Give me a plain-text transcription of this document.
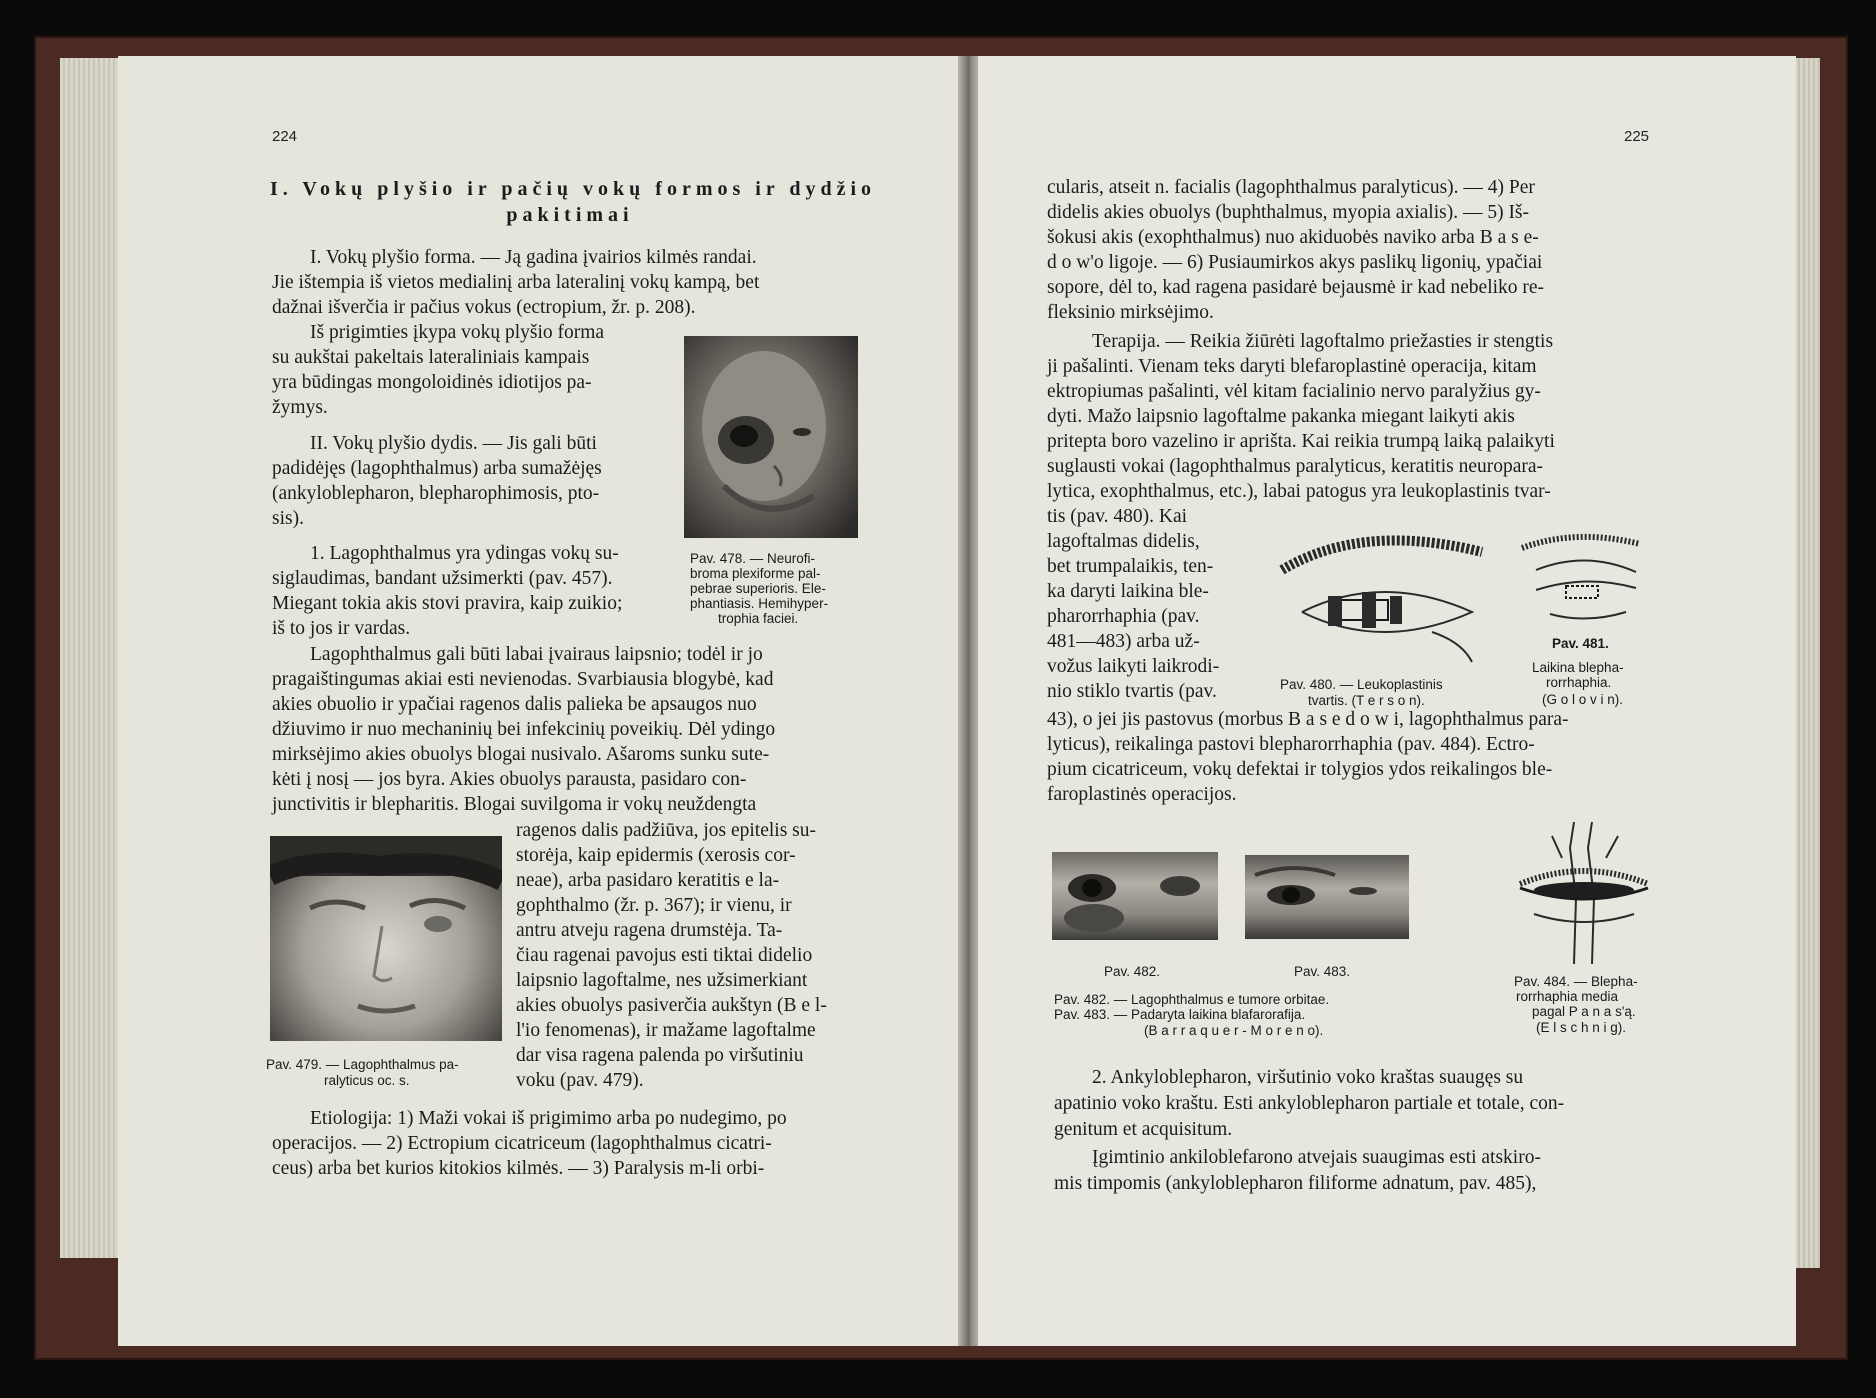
224
I. Vokų plyšio ir pačių vokų formos ir dydžio
pakitimai
I. Vokų plyšio forma. — Ją gadina įvairios kilmės randai.
Jie ištempia iš vietos medialinį arba lateralinį vokų kampą, bet
dažnai išverčia ir pačius vokus (ectropium, žr. p. 208).
Iš prigimties įkypa vokų plyšio forma
su aukštai pakeltais lateraliniais kampais
yra būdingas mongoloidinės idiotijos pa-
žymys.
II. Vokų plyšio dydis. — Jis gali būti
padidėjęs (lagophthalmus) arba sumažėjęs
(ankyloblepharon, blepharophimosis, pto-
sis).
1. Lagophthalmus yra ydingas vokų su-
siglaudimas, bandant užsimerkti (pav. 457).
Miegant tokia akis stovi pravira, kaip zuikio;
iš to jos ir vardas.
Lagophthalmus gali būti labai įvairaus laipsnio; todėl ir jo
pragaištingumas akiai esti nevienodas. Svarbiausia blogybė, kad
akies obuolio ir ypačiai ragenos dalis palieka be apsaugos nuo
džiuvimo ir nuo mechaninių bei infekcinių poveikių. Dėl ydingo
mirksėjimo akies obuolys blogai nusivalo. Ašaroms sunku sute-
kėti į nosį — jos byra. Akies obuolys paraustа, pasidaro con-
junctivitis ir blepharitis. Blogai suvilgoma ir vokų neuždengta
ragenos dalis padžiūva, jos epitelis su-
storėja, kaip epidermis (xerosis cor-
neae), arba pasidaro keratitis e la-
gophthalmo (žr. p. 367); ir vienu, ir
antru atveju ragena drumstėja. Ta-
čiau ragenai pavojus esti tiktai didelio
laipsnio lagoftalme, nes užsimerkiant
akies obuolys pasiverčia aukštyn (B e l-
l'io fenomenas), ir mažame lagoftalme
dar visa ragena palenda po viršutiniu
voku (pav. 479).
Etiologija: 1) Maži vokai iš prigimimo arba po nudegimo, po
operacijos. — 2) Ectropium cicatriceum (lagophthalmus cicatri-
ceus) arba bet kurios kitokios kilmės. — 3) Paralysis m-li orbi-
Pav. 478. — Neurofi-
broma plexiforme pal-
pebrae superioris. Ele-
phantiasis. Hemihyper-
trophia faciei.
Pav. 479. — Lagophthalmus pa-
ralyticus oc. s.
225
cularis, atseit n. facialis (lagophthalmus paralyticus). — 4) Per
didelis akies obuolys (buphthalmus, myopia axialis). — 5) Iš-
šokusi akis (exophthalmus) nuo akiduobės naviko arba B a s e-
d o w'o ligoje. — 6) Pusiaumirkos akys paslikų ligonių, ypačiai
sopore, dėl to, kad ragena pasidarė bejausmė ir kad nebeliko re-
fleksinio mirksėjimo.
Terapija. — Reikia žiūrėti lagoftalmo priežasties ir stengtis
ji pašalinti. Vienam teks daryti blefaroplastinė operacija, kitam
ektropiumas pašalinti, vėl kitam facialinio nervo paralyžius gy-
dyti. Mažo laipsnio lagoftalme pakanka miegant laikyti akis
pritepta boro vazelino ir aprišta. Kai reikia trumpą laiką palaikyti
suglausti vokai (lagophthalmus paralyticus, keratitis neuropara-
lytica, exophthalmus, etc.), labai patogus yra leukoplastinis tvar-
tis (pav. 480). Kai
lagoftalmas didelis,
bet trumpalaikis, ten-
ka daryti laikina ble-
pharorrhaphia (pav.
481—483) arba už-
vožus laikyti laikrodi-
nio stiklo tvartis (pav.
43), o jei jis pastovus (morbus B a s e d o w i, lagophthalmus para-
lyticus), reikalinga pastovi blepharorrhaphia (pav. 484). Ectro-
pium cicatriceum, vokų defektai ir tolygios ydos reikalingos ble-
faroplastinės operacijos.
Pav. 480. — Leukoplastinis
tvartis. (T e r s o n).
Pav. 481.
Laikina blepha-
rorrhaphia.
(G o l o v i n).
Pav. 482.	Pav. 483.
Pav. 482. — Lagophthalmus e tumore orbitae.
Pav. 483. — Padaryta laikina blafarorafija.
(B a r r a q u e r - M o r e n o).
Pav. 484. — Blepha-
rorrhaphia media
pagal P a n a s'ą.
(E l s c h n i g).
2. Ankyloblepharon, viršutinio voko kraštas suaugęs su
apatinio voko kraštu. Esti ankyloblepharon partiale et totale, con-
genitum et acquisitum.
Įgimtinio ankiloblefarono atvejais suaugimas esti atskiro-
mis timpomis (ankyloblepharon filiforme adnatum, pav. 485),
